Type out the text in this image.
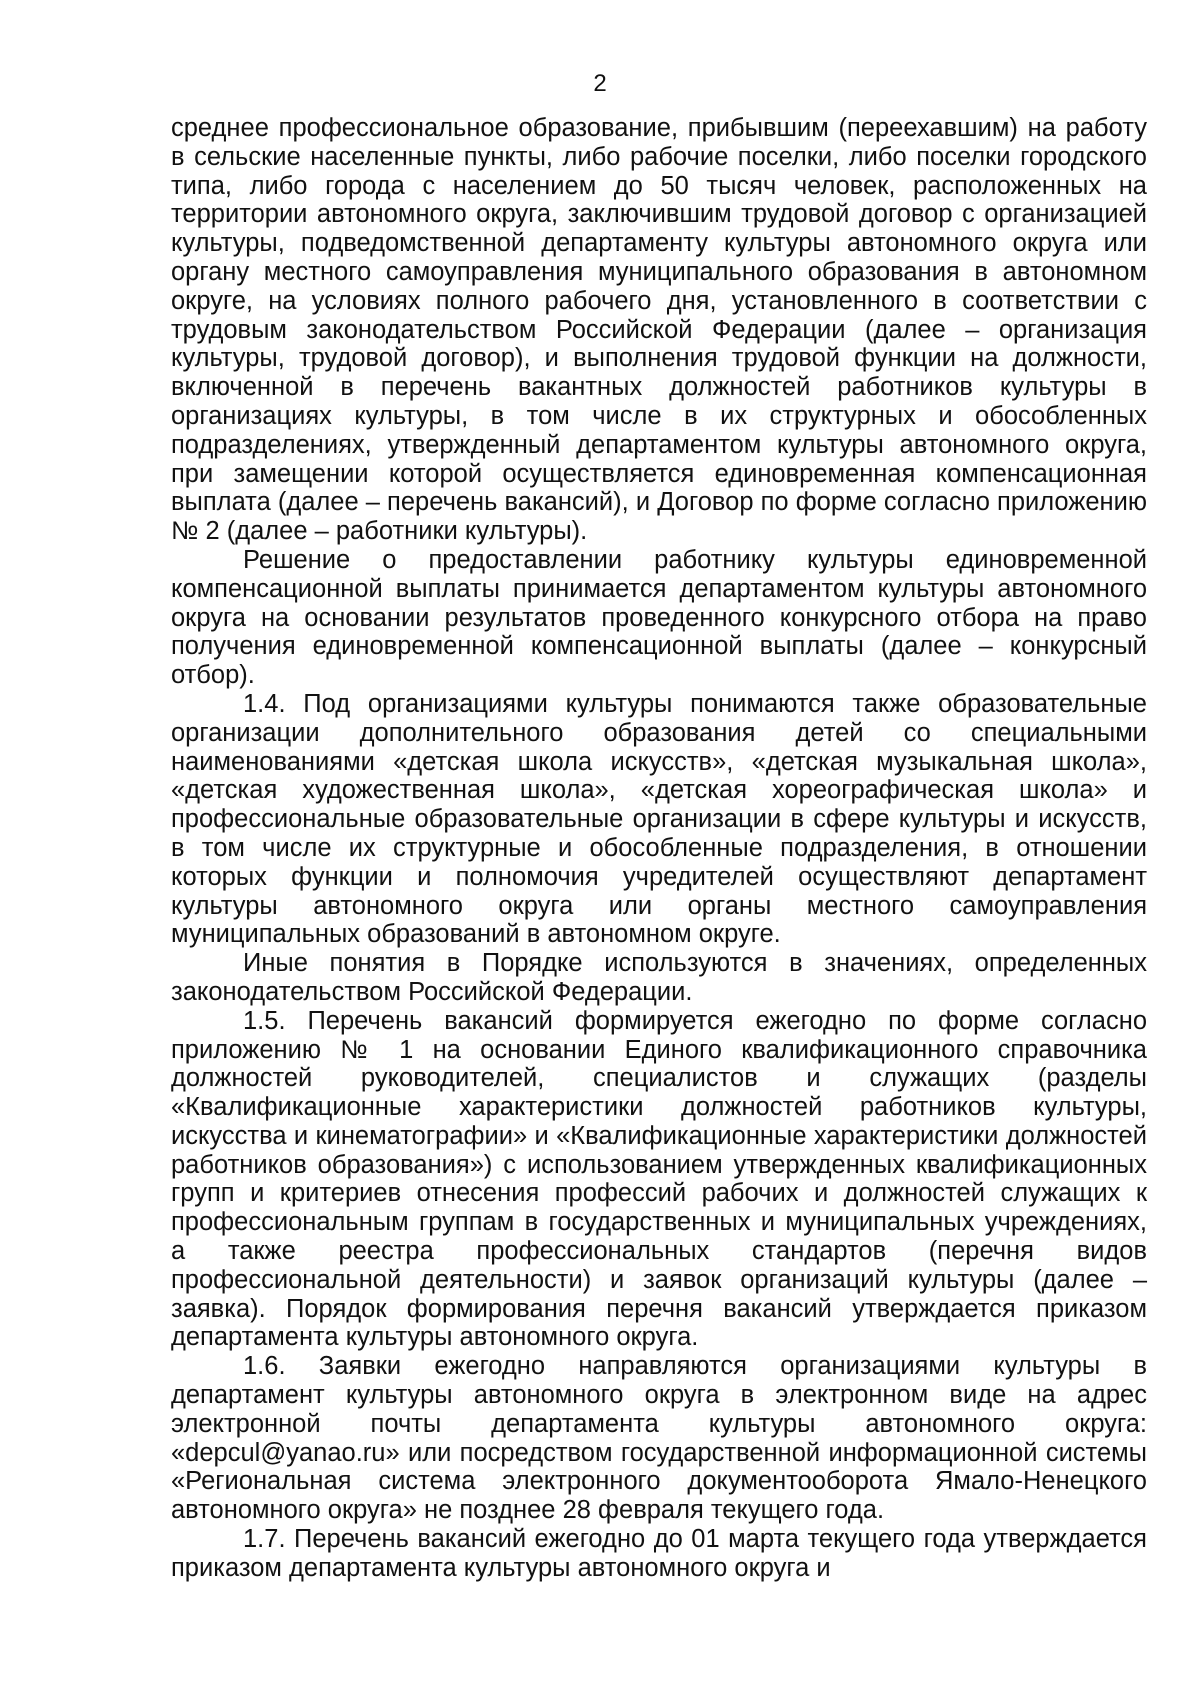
2

среднее профессиональное образование, прибывшим (переехавшим) на работу в сельские населенные пункты, либо рабочие поселки, либо поселки городского типа, либо города с населением до 50 тысяч человек, расположенных на территории автономного округа, заключившим трудовой договор с организацией культуры, подведомственной департаменту культуры автономного округа или органу местного самоуправления муниципального образования в автономном округе, на условиях полного рабочего дня, установленного в соответствии с трудовым законодательством Российской Федерации (далее – организация культуры, трудовой договор), и выполнения трудовой функции на должности, включенной в перечень вакантных должностей работников культуры в организациях культуры, в том числе в их структурных и обособленных подразделениях, утвержденный департаментом культуры автономного округа, при замещении которой осуществляется единовременная компенсационная выплата (далее – перечень вакансий), и Договор по форме согласно приложению № 2 (далее – работники культуры).

Решение о предоставлении работнику культуры единовременной компенсационной выплаты принимается департаментом культуры автономного округа на основании результатов проведенного конкурсного отбора на право получения единовременной компенсационной выплаты (далее – конкурсный отбор).

1.4. Под организациями культуры понимаются также образовательные организации дополнительного образования детей со специальными наименованиями «детская школа искусств», «детская музыкальная школа», «детская художественная школа», «детская хореографическая школа» и профессиональные образовательные организации в сфере культуры и искусств, в том числе их структурные и обособленные подразделения, в отношении которых функции и полномочия учредителей осуществляют департамент культуры автономного округа или органы местного самоуправления муниципальных образований в автономном округе.

Иные понятия в Порядке используются в значениях, определенных законодательством Российской Федерации.

1.5. Перечень вакансий формируется ежегодно по форме согласно приложению № 1 на основании Единого квалификационного справочника должностей руководителей, специалистов и служащих (разделы «Квалификационные характеристики должностей работников культуры, искусства и кинематографии» и «Квалификационные характеристики должностей работников образования») с использованием утвержденных квалификационных групп и критериев отнесения профессий рабочих и должностей служащих к профессиональным группам в государственных и муниципальных учреждениях, а также реестра профессиональных стандартов (перечня видов профессиональной деятельности) и заявок организаций культуры (далее – заявка). Порядок формирования перечня вакансий утверждается приказом департамента культуры автономного округа.

1.6. Заявки ежегодно направляются организациями культуры в департамент культуры автономного округа в электронном виде на адрес электронной почты департамента культуры автономного округа: «depcul@yanao.ru» или посредством государственной информационной системы «Региональная система электронного документооборота Ямало-Ненецкого автономного округа» не позднее 28 февраля текущего года.

1.7. Перечень вакансий ежегодно до 01 марта текущего года утверждается приказом департамента культуры автономного округа и
